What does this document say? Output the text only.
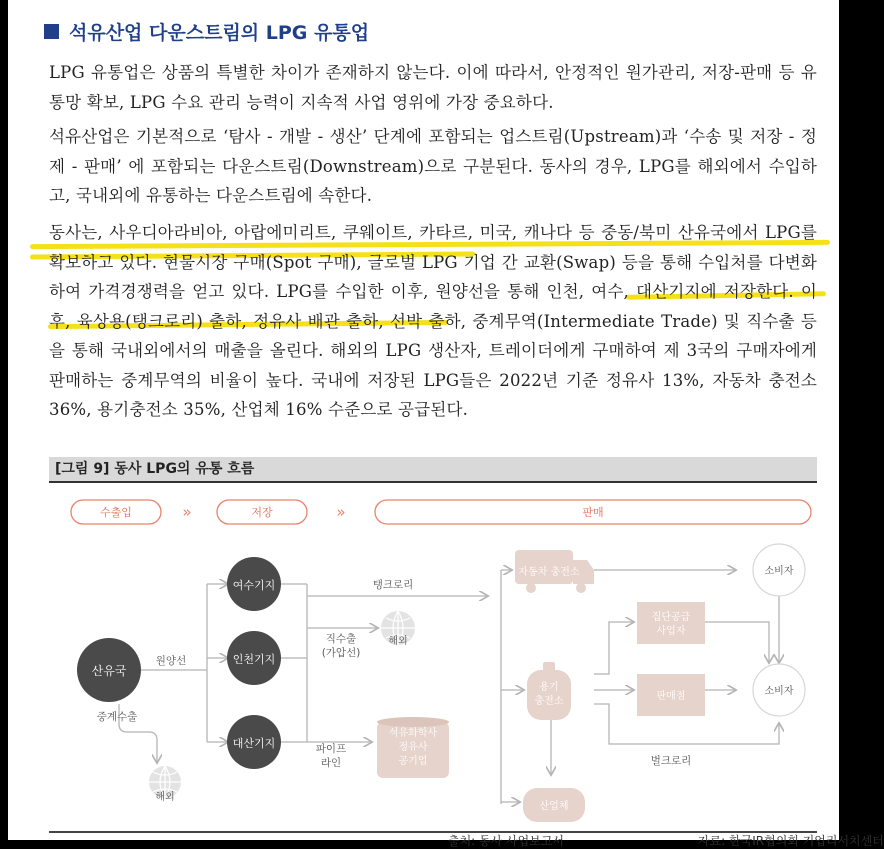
석유산업 다운스트림의 LPG 유통업
LPG 유통업은 상품의 특별한 차이가 존재하지 않는다. 이에 따라서, 안정적인 원가관리, 저장-판매 등 유통망 확보, LPG 수요 관리 능력이 지속적 사업 영위에 가장 중요하다.
석유산업은 기본적으로 ‘탐사 - 개발 - 생산’ 단계에 포함되는 업스트림(Upstream)과 ‘수송 및 저장 - 정제 - 판매’ 에 포함되는 다운스트림(Downstream)으로 구분된다. 동사의 경우, LPG를 해외에서 수입하고, 국내외에 유통하는 다운스트림에 속한다.
동사는, 사우디아라비아, 아랍에미리트, 쿠웨이트, 카타르, 미국, 캐나다 등 중동/북미 산유국에서 LPG를 확보하고 있다. 현물시장 구매(Spot 구매), 글로벌 LPG 기업 간 교환(Swap) 등을 통해 수입처를 다변화하여 가격경쟁력을 얻고 있다. LPG를 수입한 이후, 원양선을 통해 인천, 여수, 대산기지에 저장한다. 이후, 육상용(탱크로리) 출하, 정유사 배관 출하, 선박 출하, 중계무역(Intermediate Trade) 및 직수출 등을 통해 국내외에서의 매출을 올린다. 해외의 LPG 생산자, 트레이더에게 구매하여 제 3국의 구매자에게 판매하는 중계무역의 비율이 높다. 국내에 저장된 LPG들은 2022년 기준 정유사 13%, 자동차 충전소 36%, 용기충전소 35%, 산업체 16% 수준으로 공급된다.
[그림 9] 동사 LPG의 유통 흐름
수출입	»	저장	»	판매
산유국
원양선
중계수출
해외
여수기지
인천기지
대산기지
탱크로리
직수출
(가압선)
해외
파이프
라인
석유화학사
정유사
공기업
자동차 충전소
집단공급
사업자
용기
충전소	판매점
벌크로리
산업체
소비자
소비자
출처: 동사 사업보고서	자료: 한국IR협의회 기업리서치센터
